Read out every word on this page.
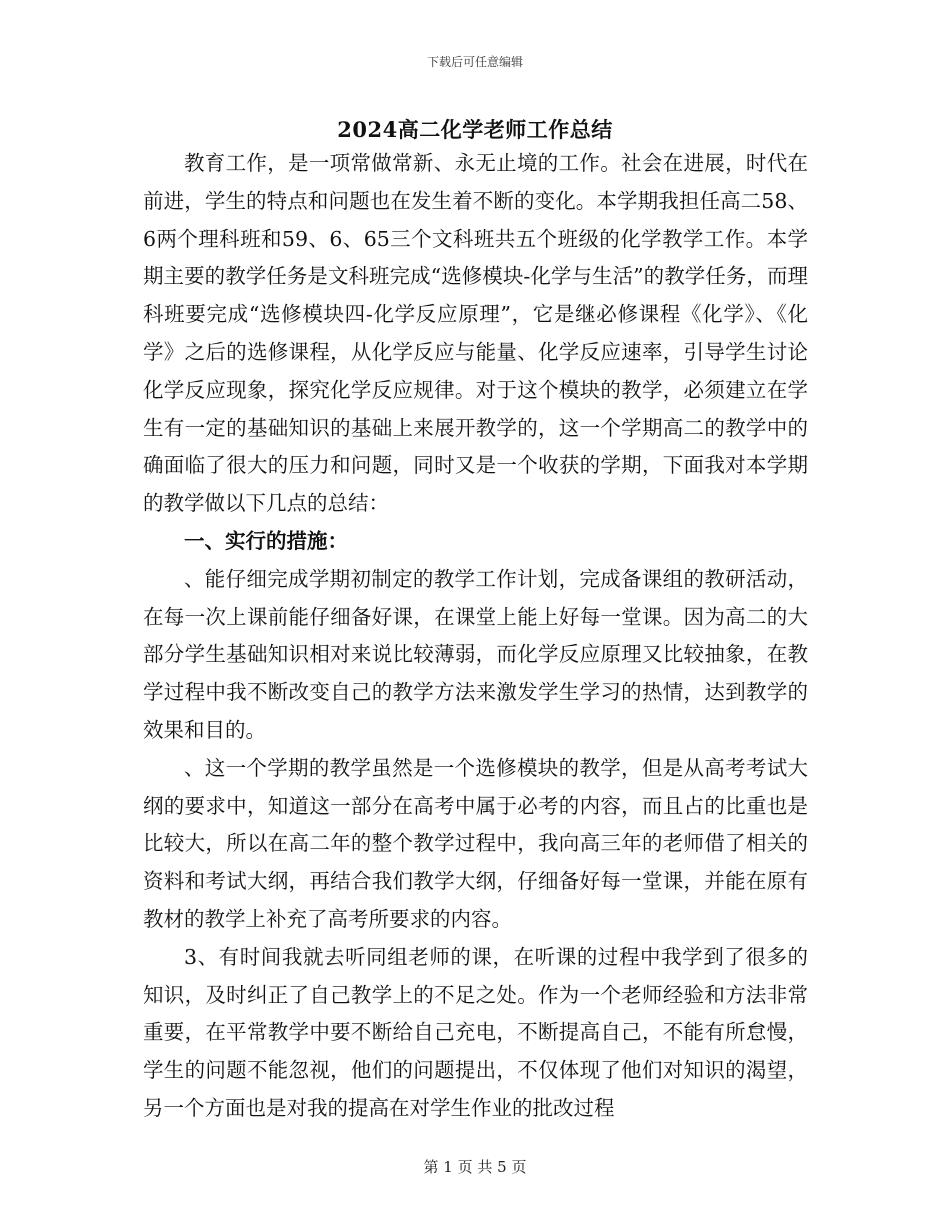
下载后可任意编辑
2024高二化学老师工作总结

教育工作，是一项常做常新、永无止境的工作。社会在进展，时代在前进，学生的特点和问题也在发生着不断的变化。本学期我担任高二58、6两个理科班和59、6、65三个文科班共五个班级的化学教学工作。本学期主要的教学任务是文科班完成“选修模块-化学与生活”的教学任务，而理科班要完成“选修模块四-化学反应原理”，它是继必修课程《化学》、《化学》之后的选修课程，从化学反应与能量、化学反应速率，引导学生讨论化学反应现象，探究化学反应规律。对于这个模块的教学，必须建立在学生有一定的基础知识的基础上来展开教学的，这一个学期高二的教学中的确面临了很大的压力和问题，同时又是一个收获的学期，下面我对本学期的教学做以下几点的总结：

一、实行的措施：

、能仔细完成学期初制定的教学工作计划，完成备课组的教研活动，在每一次上课前能仔细备好课，在课堂上能上好每一堂课。因为高二的大部分学生基础知识相对来说比较薄弱，而化学反应原理又比较抽象，在教学过程中我不断改变自己的教学方法来激发学生学习的热情，达到教学的效果和目的。

、这一个学期的教学虽然是一个选修模块的教学，但是从高考考试大纲的要求中，知道这一部分在高考中属于必考的内容，而且占的比重也是比较大，所以在高二年的整个教学过程中，我向高三年的老师借了相关的资料和考试大纲，再结合我们教学大纲，仔细备好每一堂课，并能在原有教材的教学上补充了高考所要求的内容。

3、有时间我就去听同组老师的课，在听课的过程中我学到了很多的知识，及时纠正了自己教学上的不足之处。作为一个老师经验和方法非常重要，在平常教学中要不断给自己充电，不断提高自己，不能有所怠慢，学生的问题不能忽视，他们的问题提出，不仅体现了他们对知识的渴望，另一个方面也是对我的提高在对学生作业的批改过程

第 1 页 共 5 页
